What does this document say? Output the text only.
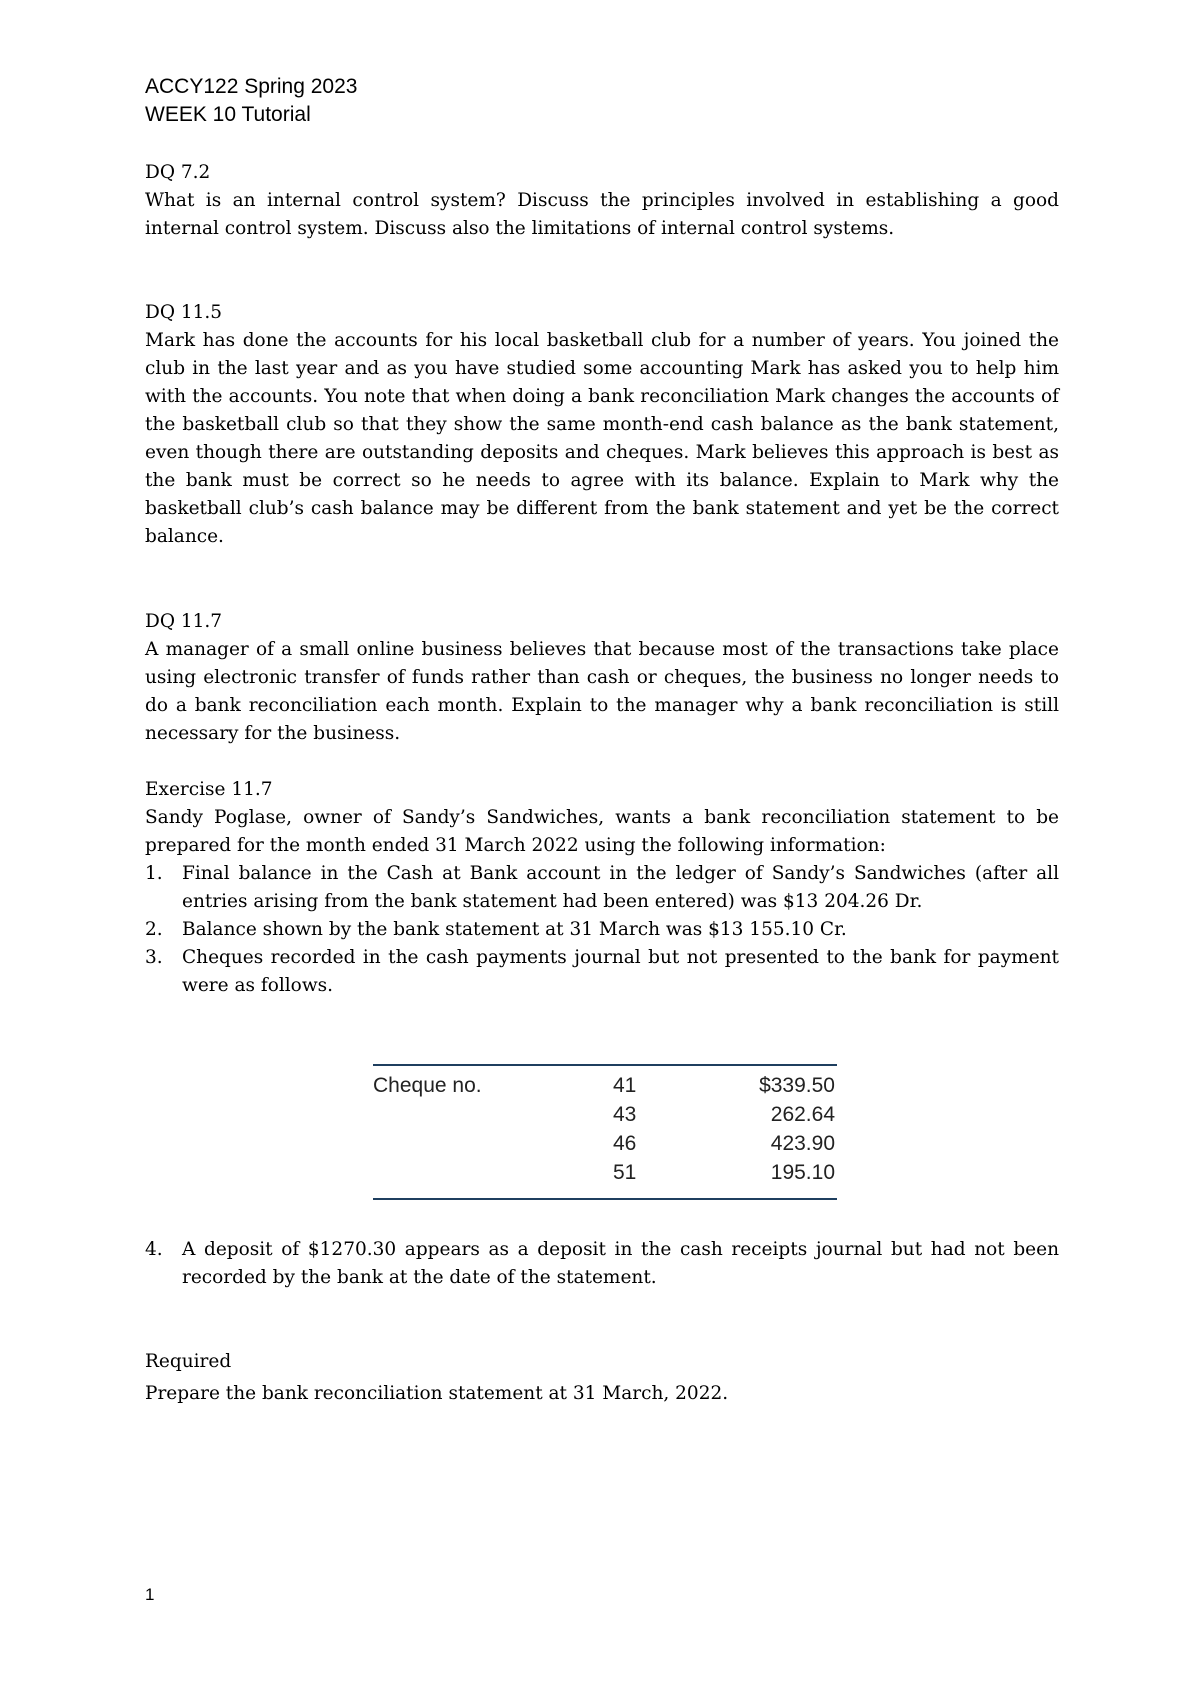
ACCY122 Spring 2023
WEEK 10 Tutorial
DQ 7.2
What is an internal control system? Discuss the principles involved in establishing a good internal control system. Discuss also the limitations of internal control systems.
DQ 11.5
Mark has done the accounts for his local basketball club for a number of years. You joined the club in the last year and as you have studied some accounting Mark has asked you to help him with the accounts. You note that when doing a bank reconciliation Mark changes the accounts of the basketball club so that they show the same month-end cash balance as the bank statement, even though there are outstanding deposits and cheques. Mark believes this approach is best as the bank must be correct so he needs to agree with its balance. Explain to Mark why the basketball club’s cash balance may be different from the bank statement and yet be the correct balance.
DQ 11.7
A manager of a small online business believes that because most of the transactions take place using electronic transfer of funds rather than cash or cheques, the business no longer needs to do a bank reconciliation each month. Explain to the manager why a bank reconciliation is still necessary for the business.
Exercise 11.7
Sandy Poglase, owner of Sandy’s Sandwiches, wants a bank reconciliation statement to be prepared for the month ended 31 March 2022 using the following information:
1. Final balance in the Cash at Bank account in the ledger of Sandy’s Sandwiches (after all entries arising from the bank statement had been entered) was $13 204.26 Dr.
2. Balance shown by the bank statement at 31 March was $13 155.10 Cr.
3. Cheques recorded in the cash payments journal but not presented to the bank for payment were as follows.
Cheque no.	41	$339.50
43	262.64
46	423.90
51	195.10
4. A deposit of $1270.30 appears as a deposit in the cash receipts journal but had not been recorded by the bank at the date of the statement.
Required
Prepare the bank reconciliation statement at 31 March, 2022.
1
